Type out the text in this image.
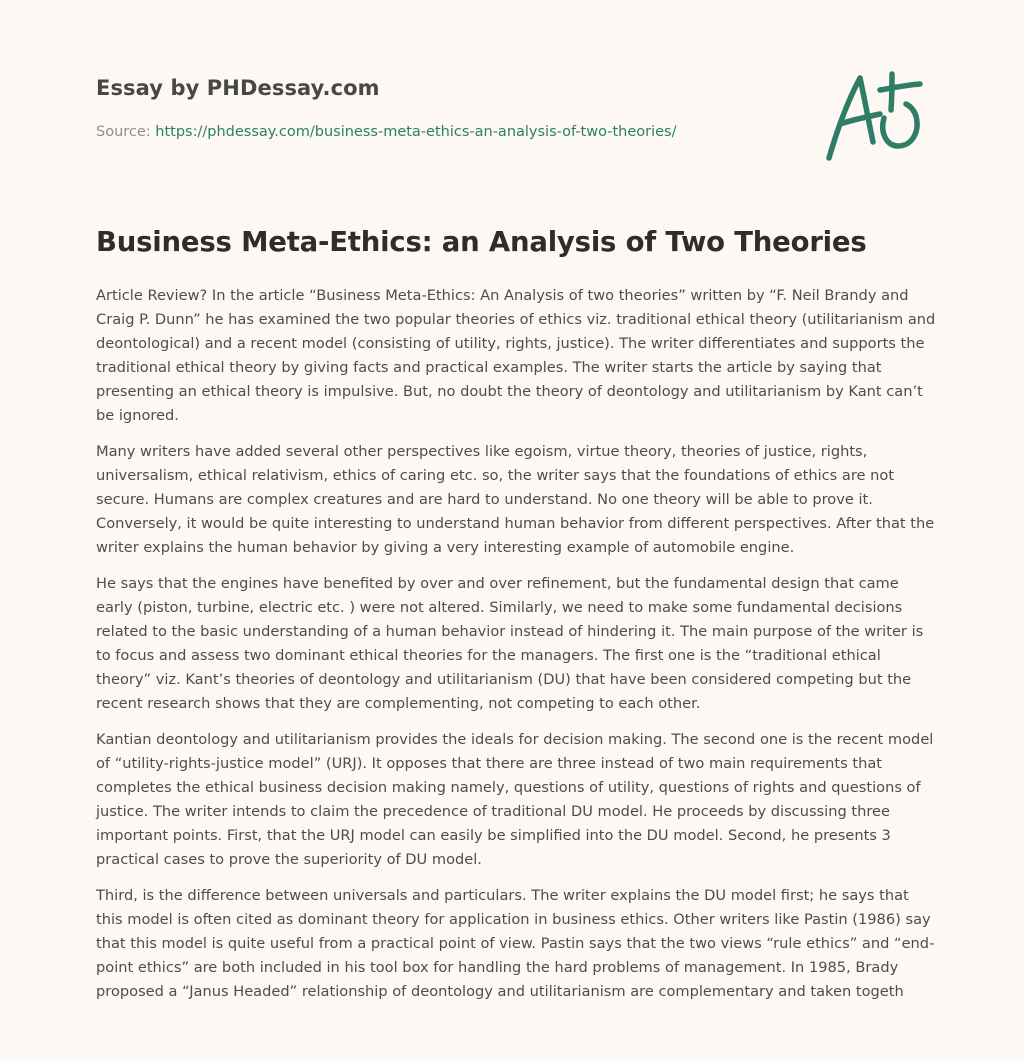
Essay by PHDessay.com
Source: https://phdessay.com/business-meta-ethics-an-analysis-of-two-theories/
Business Meta-Ethics: an Analysis of Two Theories

Article Review? In the article “Business Meta-Ethics: An Analysis of two theories” written by “F. Neil Brandy and Craig P. Dunn” he has examined the two popular theories of ethics viz. traditional ethical theory (utilitarianism and deontological) and a recent model (consisting of utility, rights, justice). The writer differentiates and supports the traditional ethical theory by giving facts and practical examples. The writer starts the article by saying that presenting an ethical theory is impulsive. But, no doubt the theory of deontology and utilitarianism by Kant can’t be ignored.

Many writers have added several other perspectives like egoism, virtue theory, theories of justice, rights, universalism, ethical relativism, ethics of caring etc. so, the writer says that the foundations of ethics are not secure. Humans are complex creatures and are hard to understand. No one theory will be able to prove it. Conversely, it would be quite interesting to understand human behavior from different perspectives. After that the writer explains the human behavior by giving a very interesting example of automobile engine.

He says that the engines have benefited by over and over refinement, but the fundamental design that came early (piston, turbine, electric etc. ) were not altered. Similarly, we need to make some fundamental decisions related to the basic understanding of a human behavior instead of hindering it. The main purpose of the writer is to focus and assess two dominant ethical theories for the managers. The first one is the “traditional ethical theory” viz. Kant’s theories of deontology and utilitarianism (DU) that have been considered competing but the recent research shows that they are complementing, not competing to each other.

Kantian deontology and utilitarianism provides the ideals for decision making. The second one is the recent model of “utility-rights-justice model” (URJ). It opposes that there are three instead of two main requirements that completes the ethical business decision making namely, questions of utility, questions of rights and questions of justice. The writer intends to claim the precedence of traditional DU model. He proceeds by discussing three important points. First, that the URJ model can easily be simplified into the DU model. Second, he presents 3 practical cases to prove the superiority of DU model.

Third, is the difference between universals and particulars. The writer explains the DU model first; he says that this model is often cited as dominant theory for application in business ethics. Other writers like Pastin (1986) say that this model is quite useful from a practical point of view. Pastin says that the two views “rule ethics” and “end-point ethics” are both included in his tool box for handling the hard problems of management. In 1985, Brady proposed a “Janus Headed” relationship of deontology and utilitarianism are complementary and taken togeth
